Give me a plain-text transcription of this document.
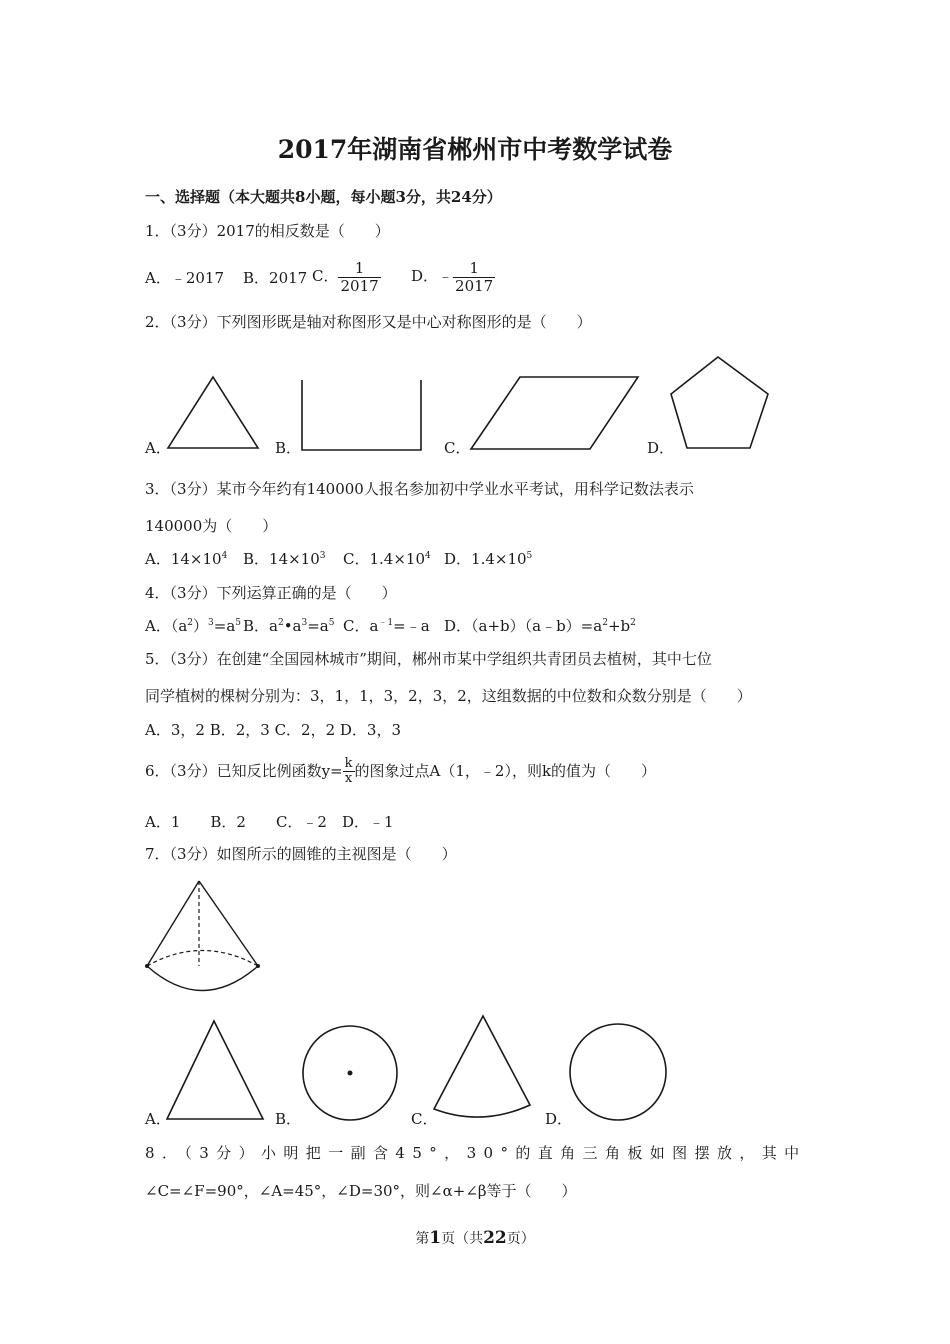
2017年湖南省郴州市中考数学试卷
一、选择题（本大题共8小题，每小题3分，共24分）
1．（3分）2017的相反数是（　　）
A．﹣2017 B．2017 C． $\frac{1}{2017}$ D．﹣ $\frac{1}{2017}$
2．（3分）下列图形既是轴对称图形又是中心对称图形的是（　　）
A．	B．	C．	D．
3．（3分）某市今年约有140000人报名参加初中学业水平考试，用科学记数法表示
140000为（　　）
A．$14\times 10^4$ B．$14\times 10^3$ C．$1.4\times 10^4$ D．$1.4\times 10^5$
4．（3分）下列运算正确的是（　　）
A．$(a^2)^3=a^5$ B．$a^2•a^3=a^5$ C．$a^{﹣1}=﹣a$ D．$(a+b)(a﹣b)=a^2+b^2$
5．（3分）在创建“全国园林城市”期间，郴州市某中学组织共青团员去植树，其中七位
同学植树的棵树分别为：3，1，1，3，2，3，2，这组数据的中位数和众数分别是（　　）
A．3，2 B．2，3 C．2，2 D．3，3
6．（3分）已知反比例函数$y= \frac{k}{x}$ 的图象过点A（1，﹣2），则k的值为（　　）
A．1　　B．2　　C．﹣2　D．﹣1
7．（3分）如图所示的圆锥的主视图是（　　）
A．	B．	C．	D．
8．（3分）小明把一副含45°，30°的直角三角板如图摆放，其中
∠C=∠F=90°，∠A=45°，∠D=30°，则∠α+∠β等于（　　）
第1页（共22页）
